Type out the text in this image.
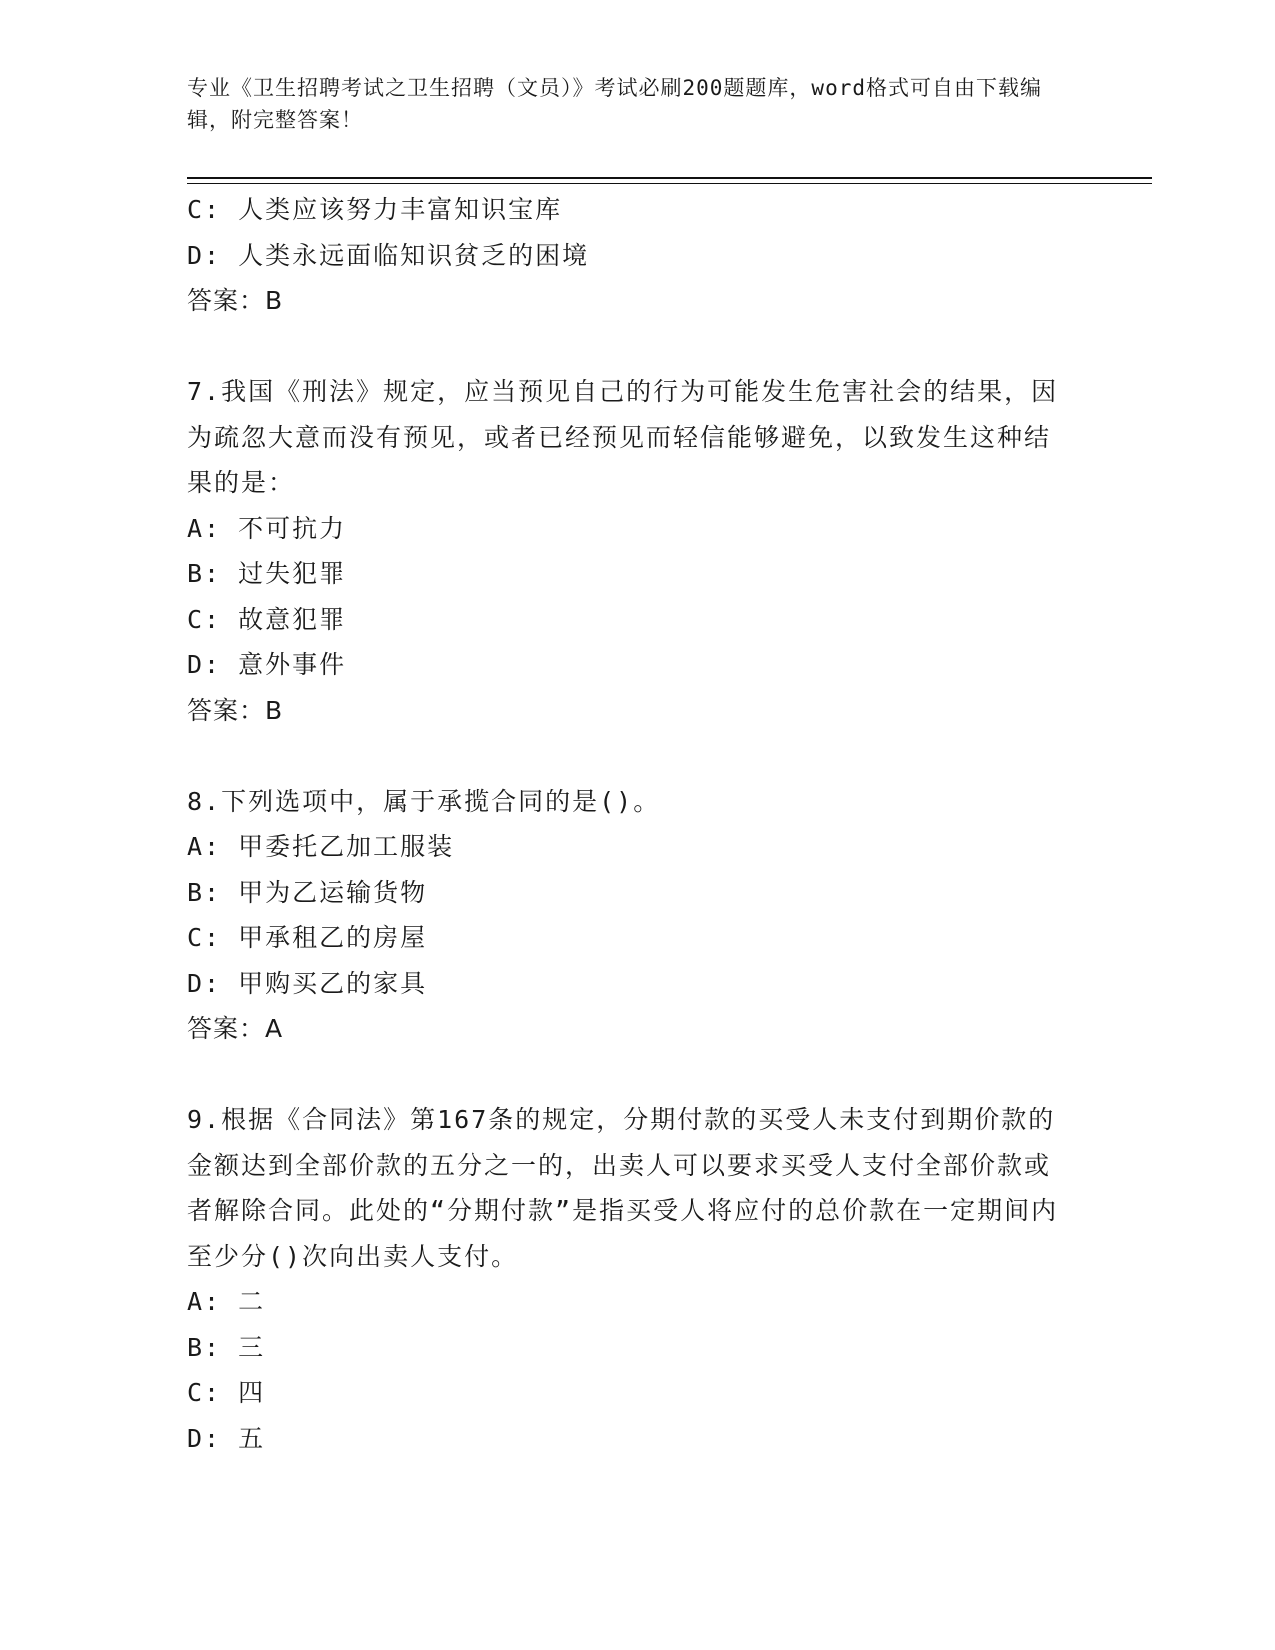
专业《卫生招聘考试之卫生招聘（文员）》考试必刷200题题库，word格式可自由下载编辑，附完整答案！
C: 人类应该努力丰富知识宝库
D: 人类永远面临知识贫乏的困境
答案：B
7.我国《刑法》规定，应当预见自己的行为可能发生危害社会的结果，因为疏忽大意而没有预见，或者已经预见而轻信能够避免，以致发生这种结果的是：
A: 不可抗力
B: 过失犯罪
C: 故意犯罪
D: 意外事件
答案：B
8.下列选项中，属于承揽合同的是()。
A: 甲委托乙加工服装
B: 甲为乙运输货物
C: 甲承租乙的房屋
D: 甲购买乙的家具
答案：A
9.根据《合同法》第167条的规定，分期付款的买受人未支付到期价款的金额达到全部价款的五分之一的，出卖人可以要求买受人支付全部价款或者解除合同。此处的“分期付款”是指买受人将应付的总价款在一定期间内至少分()次向出卖人支付。
A: 二
B: 三
C: 四
D: 五
